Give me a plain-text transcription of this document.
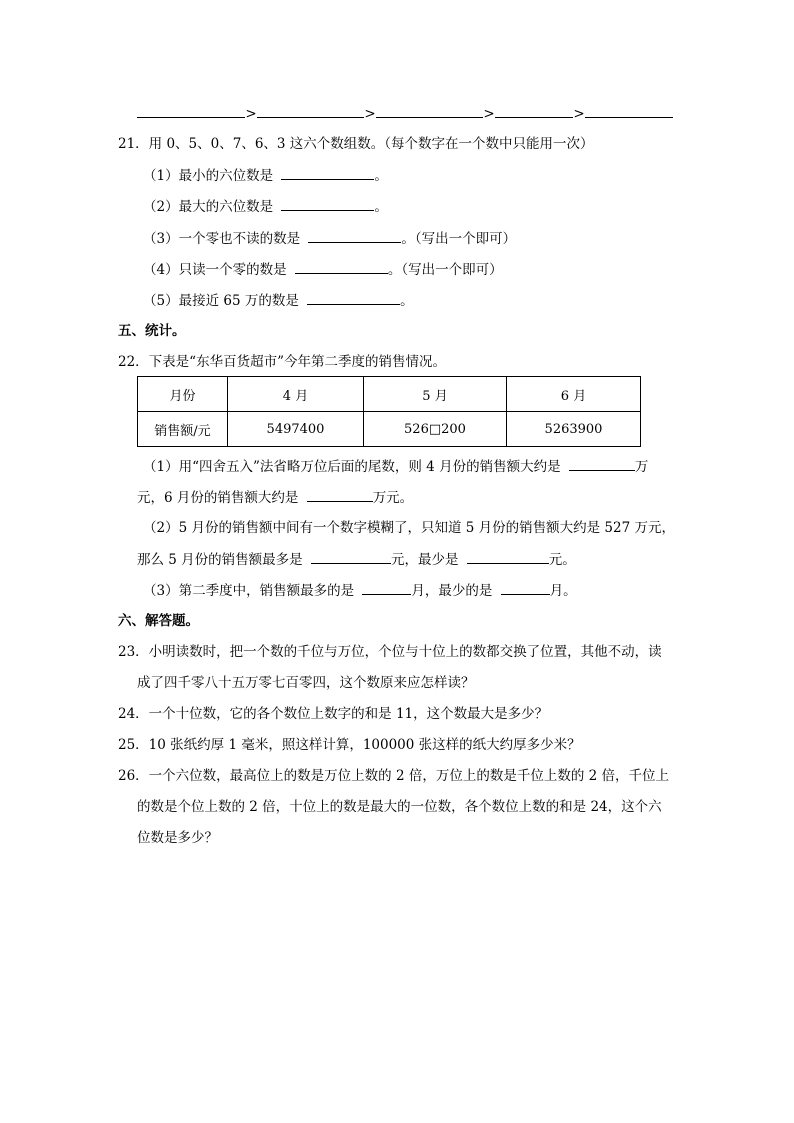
>	>	>	>
21．用 0、5、0、7、6、3 这六个数组数。（每个数字在一个数中只能用一次）
（1）最小的六位数是	。
（2）最大的六位数是	。
（3）一个零也不读的数是	。（写出一个即可）
（4）只读一个零的数是	。（写出一个即可）
（5）最接近 65 万的数是	。
五、统计。
22．下表是“东华百货超市”今年第二季度的销售情况。
月份	4 月	5 月	6 月
销售额/元	5497400	526□200	5263900
（1）用“四舍五入”法省略万位后面的尾数，则 4 月份的销售额大约是	万
元，6 月份的销售额大约是	万元。
（2）5 月份的销售额中间有一个数字模糊了，只知道 5 月份的销售额大约是 527 万元，
那么 5 月份的销售额最多是	元，最少是	元。
（3）第二季度中，销售额最多的是	月，最少的是	月。
六、解答题。
23．小明读数时，把一个数的千位与万位，个位与十位上的数都交换了位置，其他不动，读
成了四千零八十五万零七百零四，这个数原来应怎样读？
24．一个十位数，它的各个数位上数字的和是 11，这个数最大是多少？
25．10 张纸约厚 1 毫米，照这样计算，100000 张这样的纸大约厚多少米？
26．一个六位数，最高位上的数是万位上数的 2 倍，万位上的数是千位上数的 2 倍，千位上
的数是个位上数的 2 倍，十位上的数是最大的一位数，各个数位上数的和是 24，这个六
位数是多少？
